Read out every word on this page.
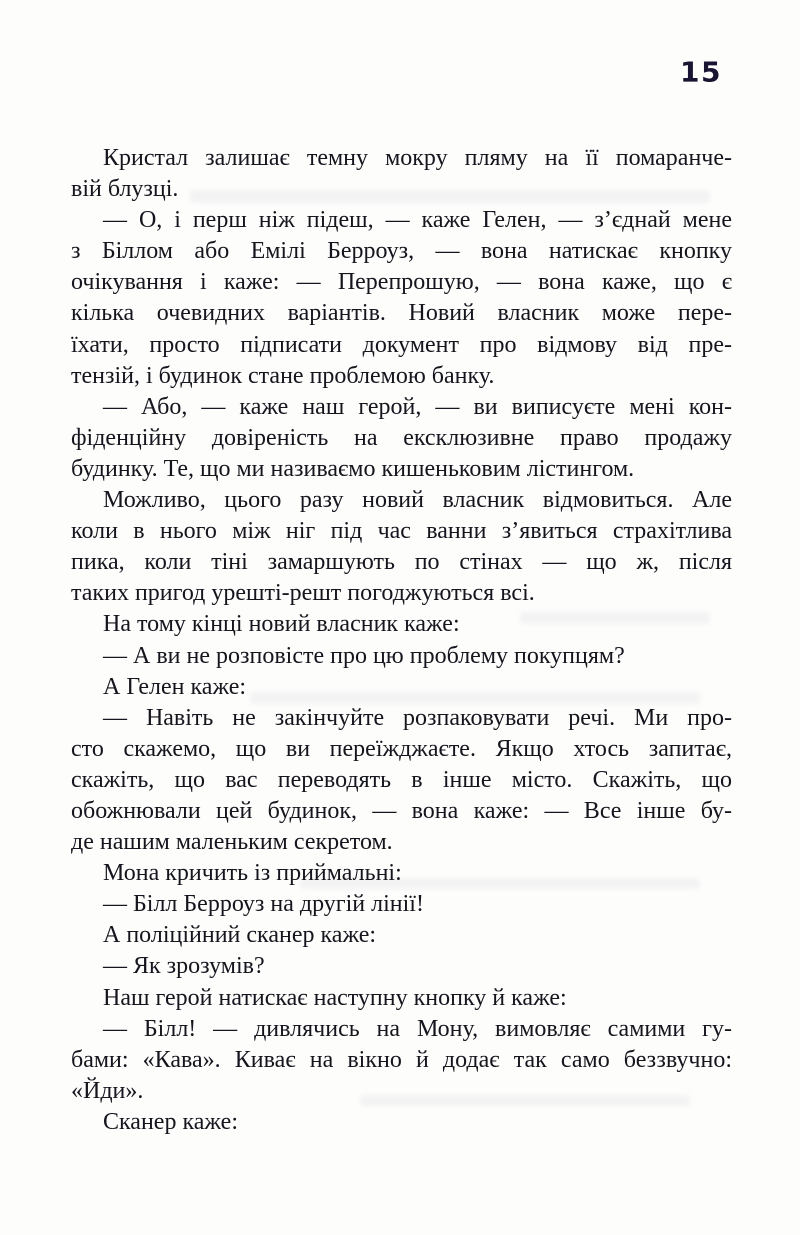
15
Кристал залишає темну мокру пляму на її помаранче-
вій блузці.
— О, і перш ніж підеш, — каже Гелен, — з’єднай мене
з Біллом або Емілі Берроуз, — вона натискає кнопку
очікування і каже: — Перепрошую, — вона каже, що є
кілька очевидних варіантів. Новий власник може пере-
їхати, просто підписати документ про відмову від пре-
тензій, і будинок стане проблемою банку.
— Або, — каже наш герой, — ви виписуєте мені кон-
фіденційну довіреність на ексклюзивне право продажу
будинку. Те, що ми називаємо кишеньковим лістингом.
Можливо, цього разу новий власник відмовиться. Але
коли в нього між ніг під час ванни з’явиться страхітлива
пика, коли тіні замаршують по стінах — що ж, після
таких пригод урешті-решт погоджуються всі.
На тому кінці новий власник каже:
— А ви не розповісте про цю проблему покупцям?
А Гелен каже:
— Навіть не закінчуйте розпаковувати речі. Ми про-
сто скажемо, що ви переїжджаєте. Якщо хтось запитає,
скажіть, що вас переводять в інше місто. Скажіть, що
обожнювали цей будинок, — вона каже: — Все інше бу-
де нашим маленьким секретом.
Мона кричить із приймальні:
— Білл Берроуз на другій лінії!
А поліційний сканер каже:
— Як зрозумів?
Наш герой натискає наступну кнопку й каже:
— Білл! — дивлячись на Мону, вимовляє самими гу-
бами: «Кава». Киває на вікно й додає так само беззвучно:
«Йди».
Сканер каже:
